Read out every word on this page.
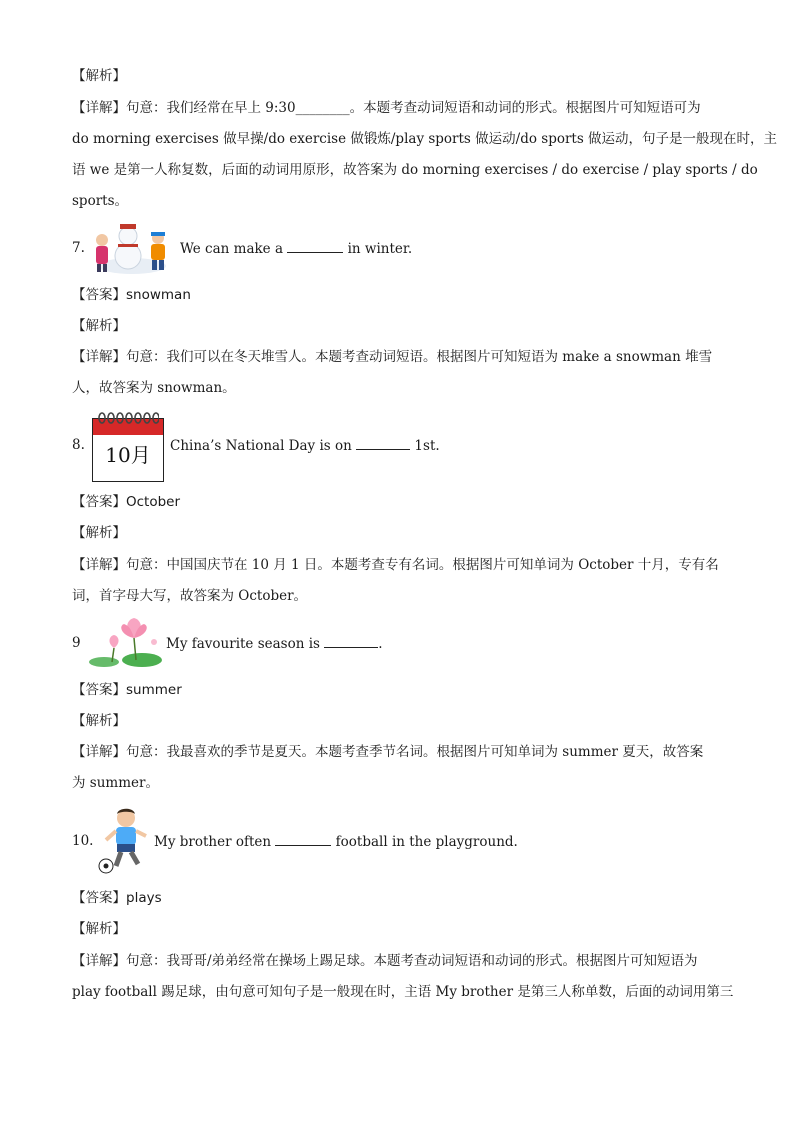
【解析】
【详解】句意：我们经常在早上 9:30________。本题考查动词短语和动词的形式。根据图片可知短语可为
do morning exercises 做早操/do exercise 做锻炼/play sports 做运动/do sports 做运动，句子是一般现在时，主
语 we 是第一人称复数，后面的动词用原形，故答案为 do morning exercises / do exercise / play sports / do
sports。
7.	We can make a	in winter.
【答案】snowman
【解析】
【详解】句意：我们可以在冬天堆雪人。本题考查动词短语。根据图片可知短语为 make a snowman 堆雪
人，故答案为 snowman。
8.	10月	China’s National Day is on	1st.
【答案】October
【解析】
【详解】句意：中国国庆节在 10 月 1 日。本题考查专有名词。根据图片可知单词为 October 十月，专有名
词，首字母大写，故答案为 October。
9	My favourite season is	.
【答案】summer
【解析】
【详解】句意：我最喜欢的季节是夏天。本题考查季节名词。根据图片可知单词为 summer 夏天，故答案
为 summer。
10.	My brother often	football in the playground.
【答案】plays
【解析】
【详解】句意：我哥哥/弟弟经常在操场上踢足球。本题考查动词短语和动词的形式。根据图片可知短语为
play football 踢足球，由句意可知句子是一般现在时，主语 My brother 是第三人称单数，后面的动词用第三
